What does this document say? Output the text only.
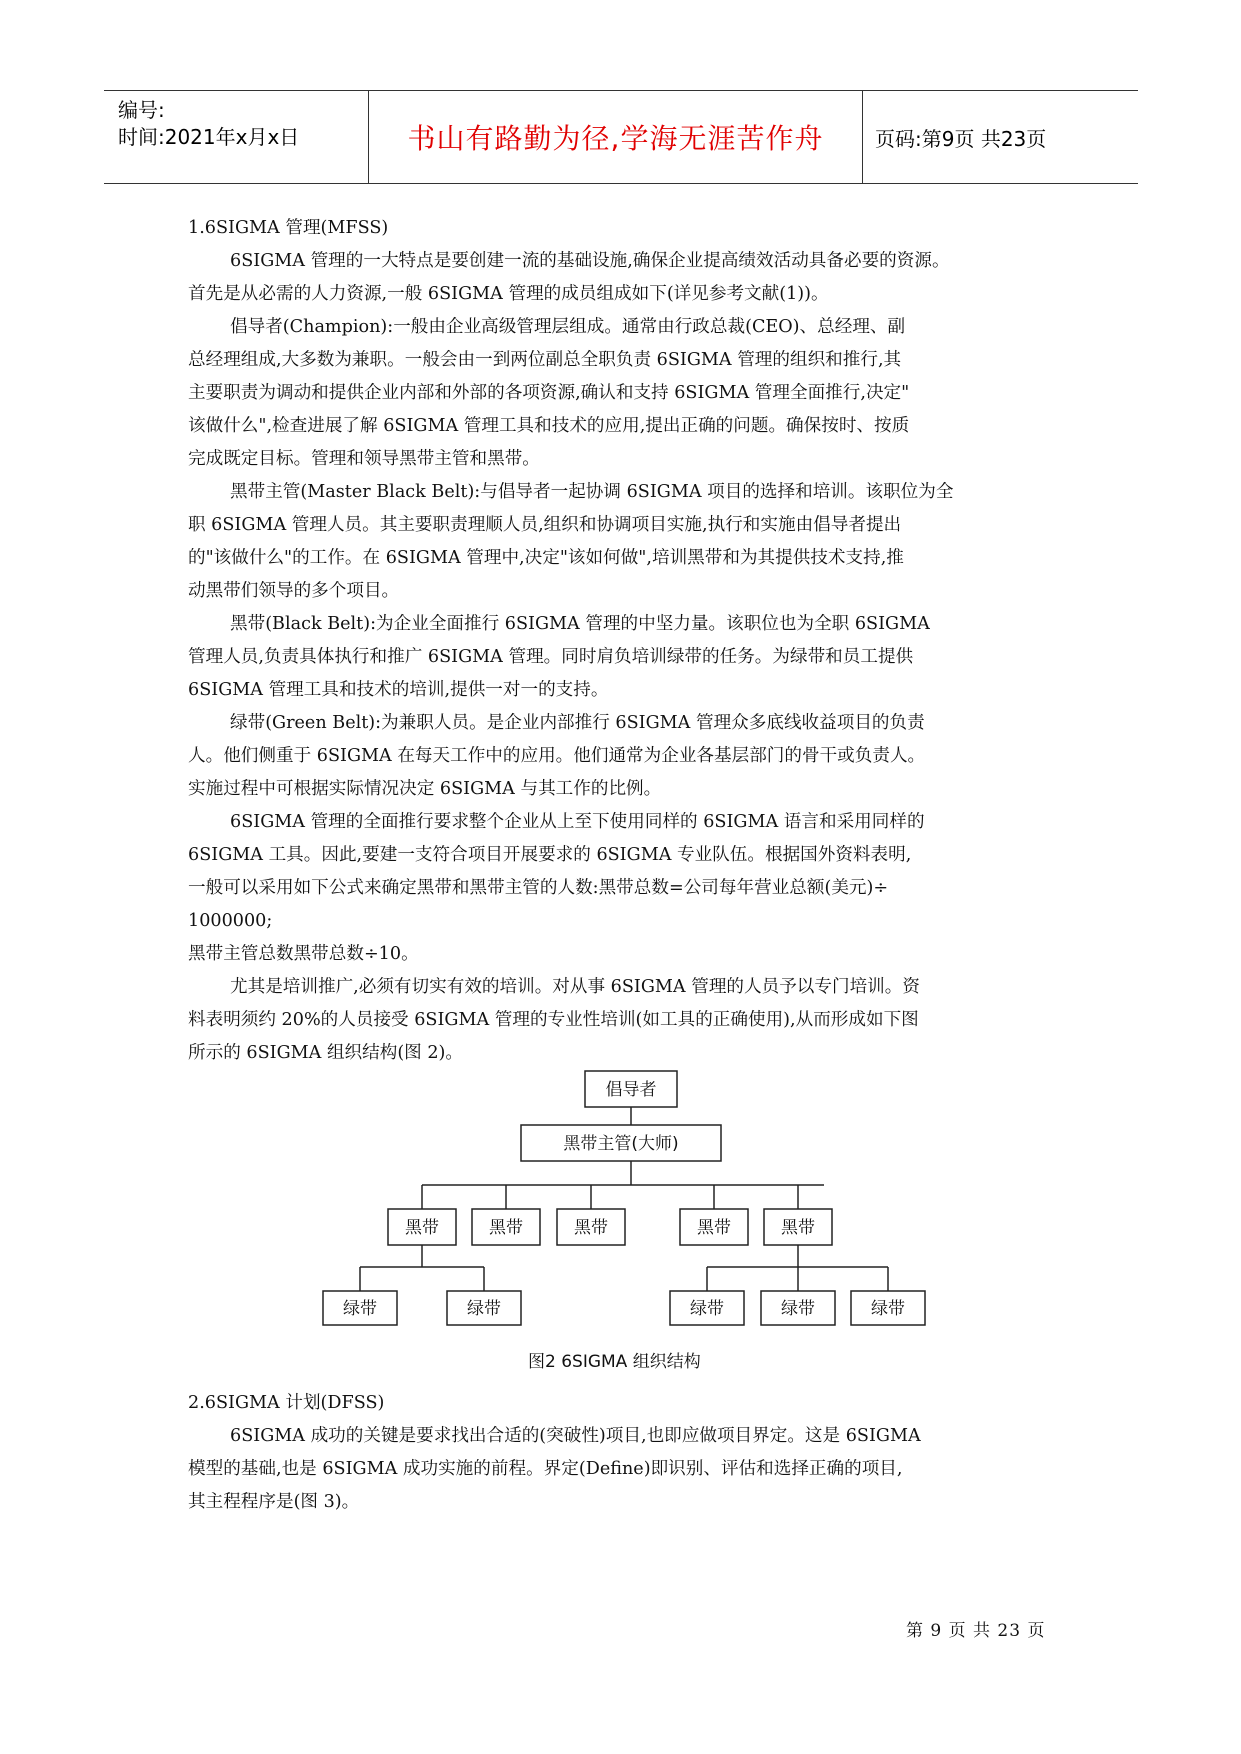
编号:
时间:2021年x月x日	书山有路勤为径,学海无涯苦作舟	页码:第9页 共23页

1.6SIGMA 管理(MFSS)

6SIGMA 管理的一大特点是要创建一流的基础设施,确保企业提高绩效活动具备必要的资源。

首先是从必需的人力资源,一般 6SIGMA 管理的成员组成如下(详见参考文献(1))。

倡导者(Champion):一般由企业高级管理层组成。通常由行政总裁(CEO)、总经理、副

总经理组成,大多数为兼职。一般会由一到两位副总全职负责 6SIGMA 管理的组织和推行,其

主要职责为调动和提供企业内部和外部的各项资源,确认和支持 6SIGMA 管理全面推行,决定"

该做什么",检查进展了解 6SIGMA 管理工具和技术的应用,提出正确的问题。确保按时、按质

完成既定目标。管理和领导黑带主管和黑带。

黑带主管(Master Black Belt):与倡导者一起协调 6SIGMA 项目的选择和培训。该职位为全

职 6SIGMA 管理人员。其主要职责理顺人员,组织和协调项目实施,执行和实施由倡导者提出

的"该做什么"的工作。在 6SIGMA 管理中,决定"该如何做",培训黑带和为其提供技术支持,推

动黑带们领导的多个项目。

黑带(Black Belt):为企业全面推行 6SIGMA 管理的中坚力量。该职位也为全职 6SIGMA

管理人员,负责具体执行和推广 6SIGMA 管理。同时肩负培训绿带的任务。为绿带和员工提供

6SIGMA 管理工具和技术的培训,提供一对一的支持。

绿带(Green Belt):为兼职人员。是企业内部推行 6SIGMA 管理众多底线收益项目的负责

人。他们侧重于 6SIGMA 在每天工作中的应用。他们通常为企业各基层部门的骨干或负责人。

实施过程中可根据实际情况决定 6SIGMA 与其工作的比例。

6SIGMA 管理的全面推行要求整个企业从上至下使用同样的 6SIGMA 语言和采用同样的

6SIGMA 工具。因此,要建一支符合项目开展要求的 6SIGMA 专业队伍。根据国外资料表明,

一般可以采用如下公式来确定黑带和黑带主管的人数:黑带总数=公司每年营业总额(美元)÷

1000000;

黑带主管总数黑带总数÷10。

尤其是培训推广,必须有切实有效的培训。对从事 6SIGMA 管理的人员予以专门培训。资

料表明须约 20%的人员接受 6SIGMA 管理的专业性培训(如工具的正确使用),从而形成如下图

所示的 6SIGMA 组织结构(图 2)。

倡导者
黑带主管(大师)
黑带	黑带	黑带	黑带	黑带
绿带	绿带	绿带	绿带	绿带
图2 6SIGMA 组织结构

2.6SIGMA 计划(DFSS)

6SIGMA 成功的关键是要求找出合适的(突破性)项目,也即应做项目界定。这是 6SIGMA

模型的基础,也是 6SIGMA 成功实施的前程。界定(Define)即识别、评估和选择正确的项目,

其主程程序是(图 3)。

第 9 页 共 23 页
